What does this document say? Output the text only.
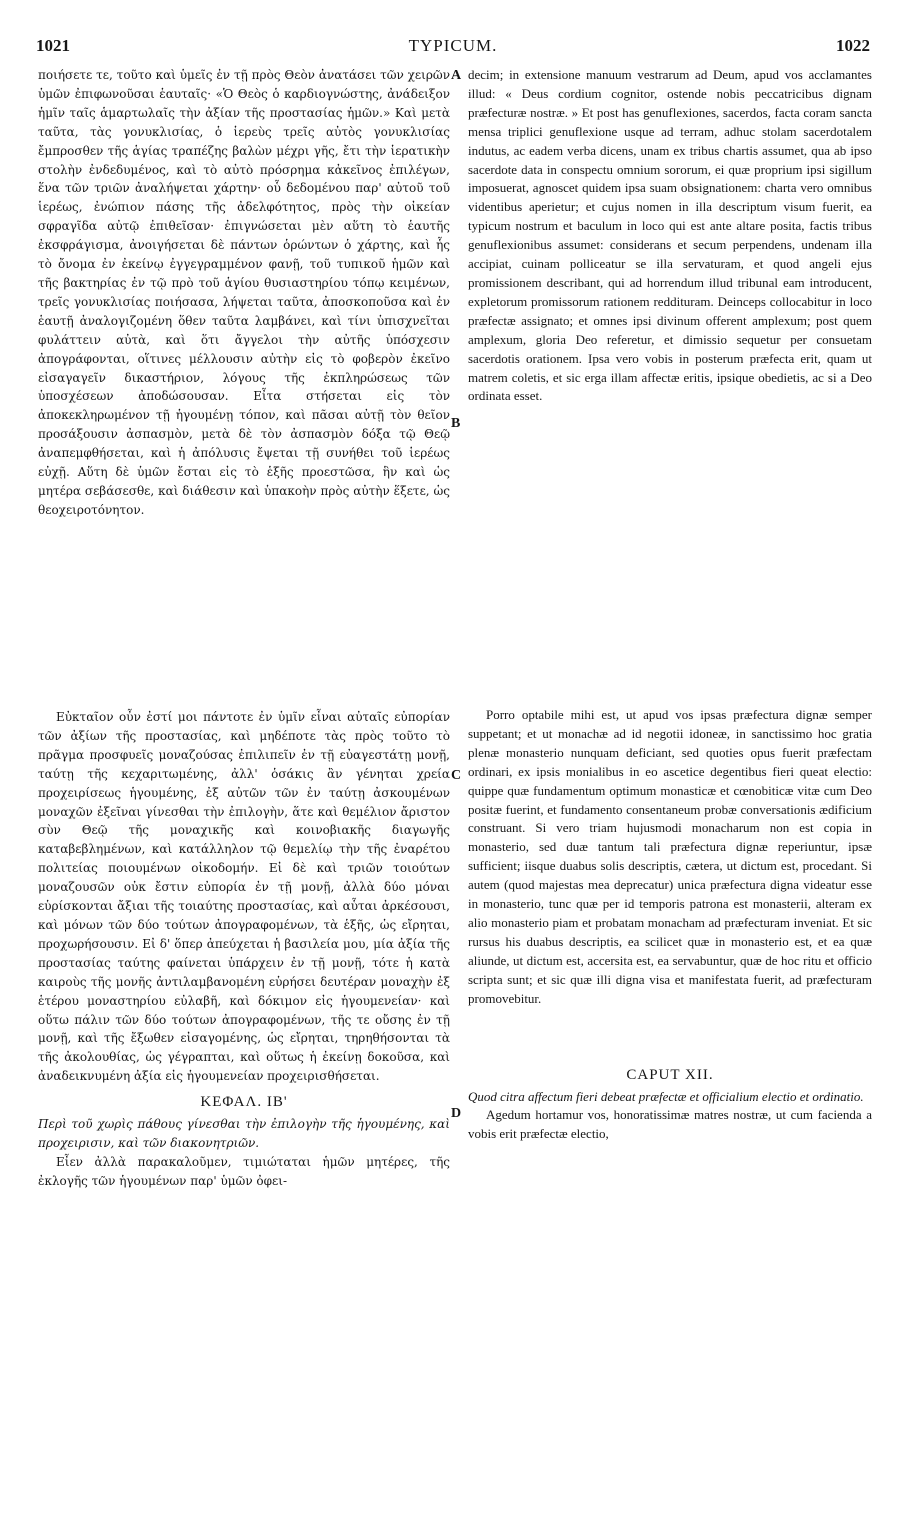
1021	TYPICUM.	1022

ποιήσετε τε, τοῦτο καὶ ὑμεῖς ἐν τῇ πρὸς Θεὸν ἀνατάσει τῶν χειρῶν ὑμῶν ἐπιφωνοῦσαι ἑαυταῖς· «Ὁ Θεὸς ὁ καρδιογνώστης, ἀνάδειξον ἡμῖν ταῖς ἁμαρτωλαῖς τὴν ἀξίαν τῆς προστασίας ἡμῶν.» Καὶ μετὰ ταῦτα, τὰς γονυκλισίας, ὁ ἱερεὺς τρεῖς αὐτὸς γονυκλισίας ἔμπροσθεν τῆς ἁγίας τραπέζης βαλὼν μέχρι γῆς, ἔτι τὴν ἱερατικὴν στολὴν ἐνδεδυμένος, καὶ τὸ αὐτὸ πρόσρημα κἀκεῖνος ἐπιλέγων, ἕνα τῶν τριῶν ἀναλήψεται χάρτην· οὗ δεδομένου παρ' αὐτοῦ τοῦ ἱερέως, ἐνώπιον πάσης τῆς ἀδελφότητος, πρὸς τὴν οἰκείαν σφραγῖδα αὐτῷ ἐπιθεῖσαν· ἐπιγνώσεται μὲν αὕτη τὸ ἑαυτῆς ἐκσφράγισμα, ἀνοιγήσεται δὲ πάντων ὁρώντων ὁ χάρτης, καὶ ἧς τὸ ὄνομα ἐν ἐκείνῳ ἐγγεγραμμένον φανῇ, τοῦ τυπικοῦ ἡμῶν καὶ τῆς βακτηρίας ἐν τῷ πρὸ τοῦ ἁγίου θυσιαστηρίου τόπῳ κειμένων, τρεῖς γονυκλισίας ποιήσασα, λήψεται ταῦτα, ἀποσκοποῦσα καὶ ἐν ἑαυτῇ ἀναλογιζομένη ὅθεν ταῦτα λαμβάνει, καὶ τίνι ὑπισχνεῖται φυλάττειν αὐτὰ, καὶ ὅτι ἄγγελοι τὴν αὐτῆς ὑπόσχεσιν ἀπογράφονται, οἵτινες μέλλουσιν αὐτὴν εἰς τὸ φοβερὸν ἐκεῖνο εἰσαγαγεῖν δικαστήριον, λόγους τῆς ἐκπληρώσεως τῶν ὑποσχέσεων ἀποδώσουσαν. Εἶτα στήσεται εἰς τὸν ἀποκεκληρωμένον τῇ ἡγουμένῃ τόπον, καὶ πᾶσαι αὐτῇ τὸν θεῖον προσάξουσιν ἀσπασμὸν, μετὰ δὲ τὸν ἀσπασμὸν δόξα τῷ Θεῷ ἀναπεμφθήσεται, καὶ ἡ ἀπόλυσις ἔψεται τῇ συνήθει τοῦ ἱερέως εὐχῇ. Αὕτη δὲ ὑμῶν ἔσται εἰς τὸ ἑξῆς προεστῶσα, ἣν καὶ ὡς μητέρα σεβάσεσθε, καὶ διάθεσιν καὶ ὑπακοὴν πρὸς αὐτὴν ἕξετε, ὡς θεοχειροτόνητον.

Εὐκταῖον οὖν ἐστί μοι πάντοτε ἐν ὑμῖν εἶναι αὐταῖς εὐπορίαν τῶν ἀξίων τῆς προστασίας, καὶ μηδέποτε τὰς πρὸς τοῦτο τὸ πρᾶγμα προσφυεῖς μοναζούσας ἐπιλιπεῖν ἐν τῇ εὐαγεστάτῃ μονῇ, ταύτῃ τῆς κεχαριτωμένης, ἀλλ' ὁσάκις ἂν γένηται χρεία προχειρίσεως ἡγουμένης, ἐξ αὐτῶν τῶν ἐν ταύτῃ ἀσκουμένων μοναχῶν ἐξεῖναι γίνεσθαι τὴν ἐπιλογὴν, ἅτε καὶ θεμέλιον ἄριστον σὺν Θεῷ τῆς μοναχικῆς καὶ κοινοβιακῆς διαγωγῆς καταβεβλημένων, καὶ κατάλληλον τῷ θεμελίῳ τὴν τῆς ἐναρέτου πολιτείας ποιουμένων οἰκοδομήν. Εἰ δὲ καὶ τριῶν τοιούτων μοναζουσῶν οὐκ ἔστιν εὐπορία ἐν τῇ μονῇ, ἀλλὰ δύο μόναι εὑρίσκονται ἄξιαι τῆς τοιαύτης προστασίας, καὶ αὗται ἀρκέσουσι, καὶ μόνων τῶν δύο τούτων ἀπογραφομένων, τὰ ἑξῆς, ὡς εἴρηται, προχωρήσουσιν. Εἰ δ' ὅπερ ἀπεύχεται ἡ βασιλεία μου, μία ἀξία τῆς προστασίας ταύτης φαίνεται ὑπάρχειν ἐν τῇ μονῇ, τότε ἡ κατὰ καιροὺς τῆς μονῆς ἀντιλαμβανομένη εὑρήσει δευτέραν μοναχὴν ἐξ ἑτέρου μοναστηρίου εὐλαβῆ, καὶ δόκιμον εἰς ἡγουμενείαν· καὶ οὕτω πάλιν τῶν δύο τούτων ἀπογραφομένων, τῆς τε οὔσης ἐν τῇ μονῇ, καὶ τῆς ἔξωθεν εἰσαγομένης, ὡς εἴρηται, τηρηθήσονται τὰ τῆς ἀκολουθίας, ὡς γέγραπται, καὶ οὕτως ἡ ἐκείνῃ δοκοῦσα, καὶ ἀναδεικνυμένη ἀξία εἰς ἡγουμενείαν προχειρισθήσεται.

ΚΕΦΑΛ. ΙΒ'

Περὶ τοῦ χωρὶς πάθους γίνεσθαι τὴν ἐπιλογὴν τῆς ἡγουμένης, καὶ προχειρισιν, καὶ τῶν διακονητριῶν.

Εἶεν ἀλλὰ παρακαλοῦμεν, τιμιώταται ἡμῶν μητέρες, τῆς ἐκλογῆς τῶν ἡγουμένων παρ' ὑμῶν ὀφει-

A
B
C
D

decim; in extensione manuum vestrarum ad Deum, apud vos acclamantes illud: « Deus cordium cognitor, ostende nobis peccatricibus dignam præfecturæ nostræ. » Et post has genuflexiones, sacerdos, facta coram sancta mensa triplici genuflexione usque ad terram, adhuc stolam sacerdotalem indutus, ac eadem verba dicens, unam ex tribus chartis assumet, qua ab ipso sacerdote data in conspectu omnium sororum, ei quæ proprium ipsi sigillum imposuerat, agnoscet quidem ipsa suam obsignationem: charta vero omnibus videntibus aperietur; et cujus nomen in illa descriptum visum fuerit, ea typicum nostrum et baculum in loco qui est ante altare posita, factis tribus genuflexionibus assumet: considerans et secum perpendens, undenam illa accipiat, cuinam polliceatur se illa servaturam, et quod angeli ejus promissionem describant, qui ad horrendum illud tribunal eam introducent, expletorum promissorum rationem reddituram. Deinceps collocabitur in loco præfectæ assignato; et omnes ipsi divinum offerent amplexum; post quem amplexum, gloria Deo referetur, et dimissio sequetur per consuetam sacerdotis orationem. Ipsa vero vobis in posterum præfecta erit, quam ut matrem coletis, et sic erga illam affectæ eritis, ipsique obedietis, ac si a Deo ordinata esset.

Porro optabile mihi est, ut apud vos ipsas præfectura dignæ semper suppetant; et ut monachæ ad id negotii idoneæ, in sanctissimo hoc gratia plenæ monasterio nunquam deficiant, sed quoties opus fuerit præfectam ordinari, ex ipsis monialibus in eo ascetice degentibus fieri queat electio: quippe quæ fundamentum optimum monasticæ et cœnobiticæ vitæ cum Deo positæ fuerint, et fundamento consentaneum probæ conversationis ædificium construant. Si vero triam hujusmodi monacharum non est copia in monasterio, sed duæ tantum tali præfectura dignæ reperiuntur, ipsæ sufficient; iisque duabus solis descriptis, cætera, ut dictum est, procedant. Si autem (quod majestas mea deprecatur) unica præfectura digna videatur esse in monasterio, tunc quæ per id temporis patrona est monasterii, alteram ex alio monasterio piam et probatam monacham ad præfecturam inveniat. Et sic rursus his duabus descriptis, ea scilicet quæ in monasterio est, et ea quæ aliunde, ut dictum est, accersita est, ea servabuntur, quæ de hoc ritu et officio scripta sunt; et sic quæ illi digna visa et manifestata fuerit, ad præfecturam promovebitur.

CAPUT XII.

Quod citra affectum fieri debeat præfectæ et officialium electio et ordinatio.

Agedum hortamur vos, honoratissimæ matres nostræ, ut cum facienda a vobis erit præfectæ electio,
